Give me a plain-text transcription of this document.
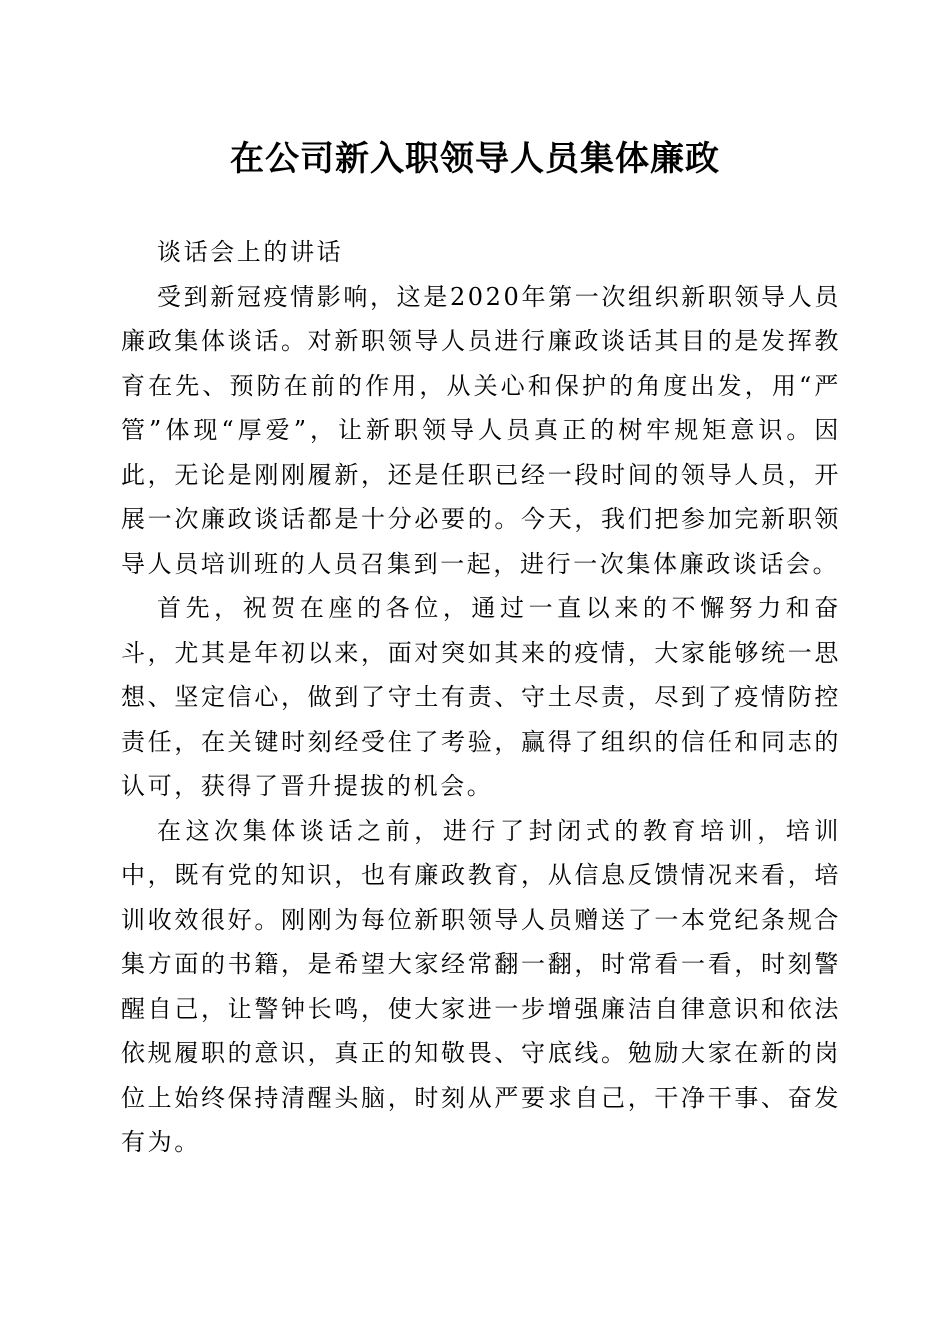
在公司新入职领导人员集体廉政

谈话会上的讲话

受到新冠疫情影响，这是2020年第一次组织新职领导人员廉政集体谈话。对新职领导人员进行廉政谈话其目的是发挥教育在先、预防在前的作用，从关心和保护的角度出发，用“严管”体现“厚爱”，让新职领导人员真正的树牢规矩意识。因此，无论是刚刚履新，还是任职已经一段时间的领导人员，开展一次廉政谈话都是十分必要的。今天，我们把参加完新职领导人员培训班的人员召集到一起，进行一次集体廉政谈话会。

首先，祝贺在座的各位，通过一直以来的不懈努力和奋斗，尤其是年初以来，面对突如其来的疫情，大家能够统一思想、坚定信心，做到了守土有责、守土尽责，尽到了疫情防控责任，在关键时刻经受住了考验，赢得了组织的信任和同志的认可，获得了晋升提拔的机会。

在这次集体谈话之前，进行了封闭式的教育培训，培训中，既有党的知识，也有廉政教育，从信息反馈情况来看，培训收效很好。刚刚为每位新职领导人员赠送了一本党纪条规合集方面的书籍，是希望大家经常翻一翻，时常看一看，时刻警醒自己，让警钟长鸣，使大家进一步增强廉洁自律意识和依法依规履职的意识，真正的知敬畏、守底线。勉励大家在新的岗位上始终保持清醒头脑，时刻从严要求自己，干净干事、奋发有为。
